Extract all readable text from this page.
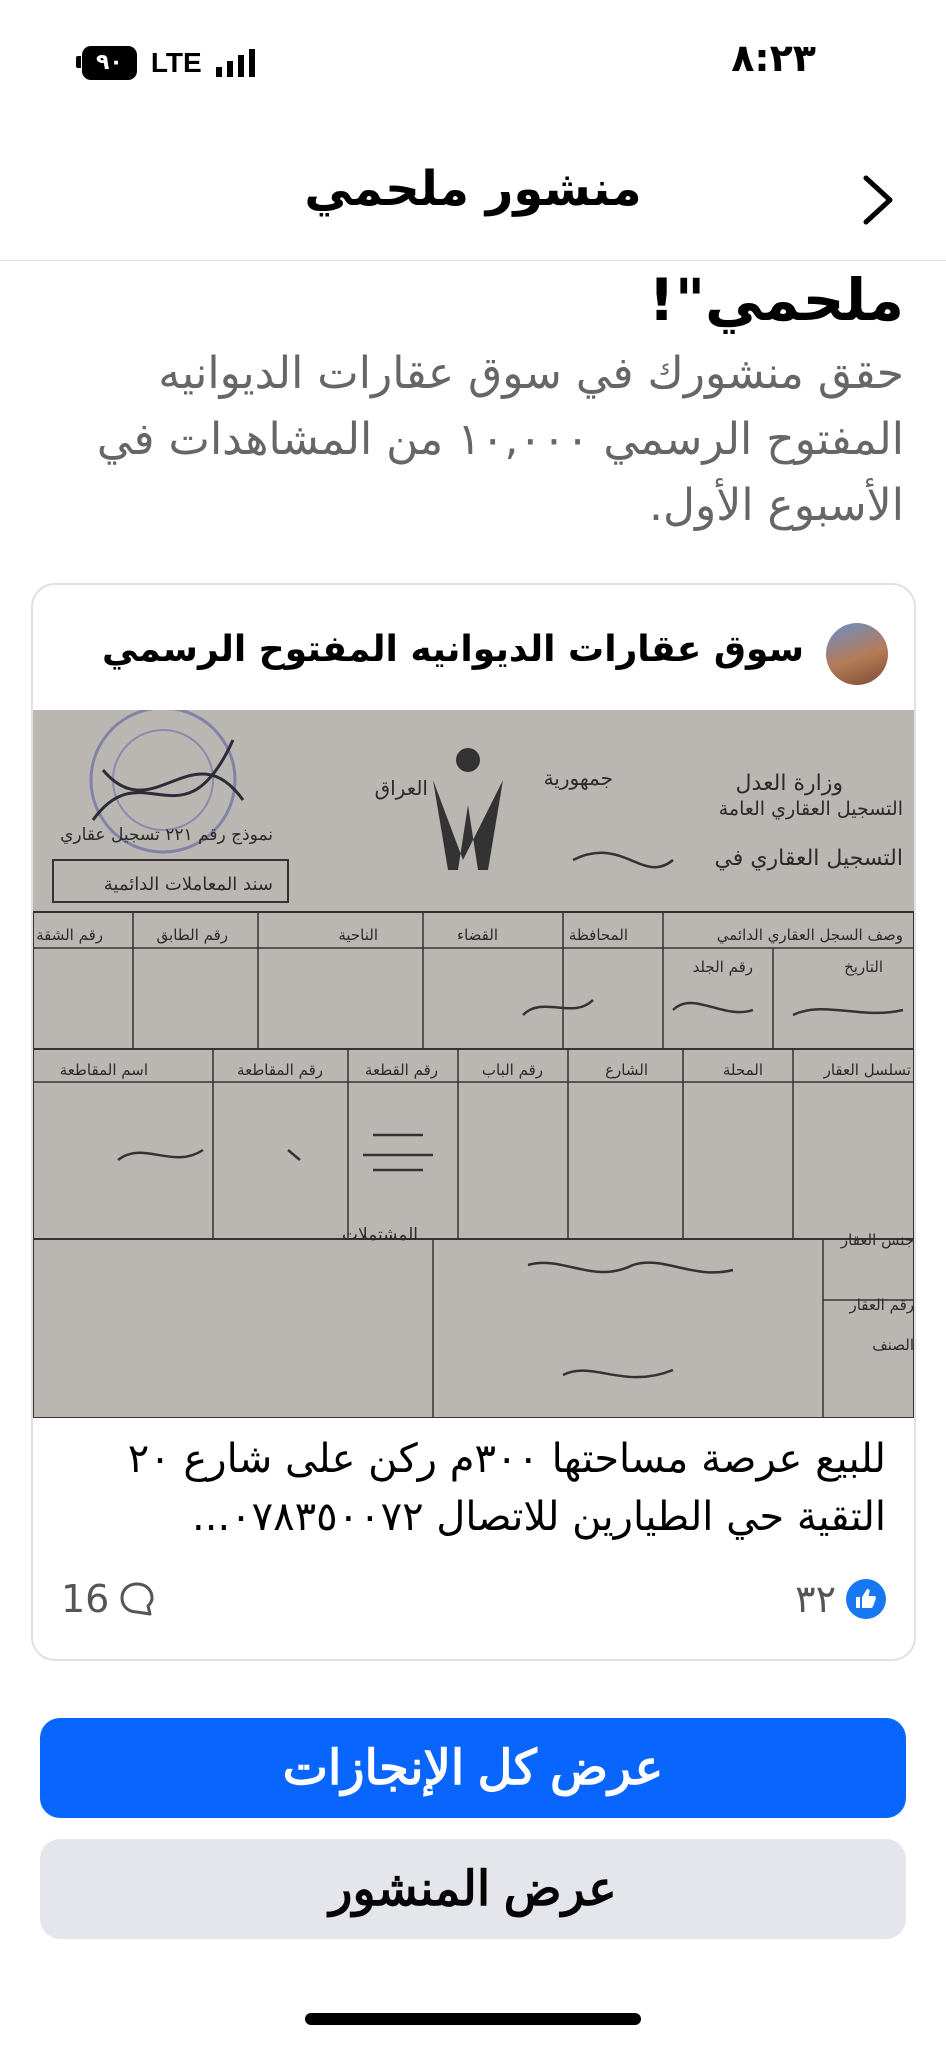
٩٠	LTE	٨:٢٣
منشور ملحمي
ملحمي"!
حقق منشورك في سوق عقارات الديوانيه المفتوح الرسمي ١٠,٠٠٠ من المشاهدات في الأسبوع الأول.
سوق عقارات الديوانيه المفتوح الرسمي
وزارة العدل
التسجيل العقاري العامة
التسجيل العقاري في
جمهورية
العراق
نموذج رقم ٢٢١ تسجيل عقاري
سند المعاملات الدائمية
رقم الشقة	رقم الطابق	الناحية	القضاء	المحافظة	وصف السجل العقاري الدائمي
رقم الجلد	التاريخ
اسم المقاطعة	رقم المقاطعة	رقم القطعة	رقم الباب	الشارع	المحلة	تسلسل العقار
المشتملات	جنس العقار
رقم العقار
الصنف
للبيع عرصة مساحتها ٣٠٠م ركن على شارع ٢٠ التقية حي الطيارين للاتصال ٠٧٨٣٥٠٠٧٢...
٣٢
16
عرض كل الإنجازات
عرض المنشور
